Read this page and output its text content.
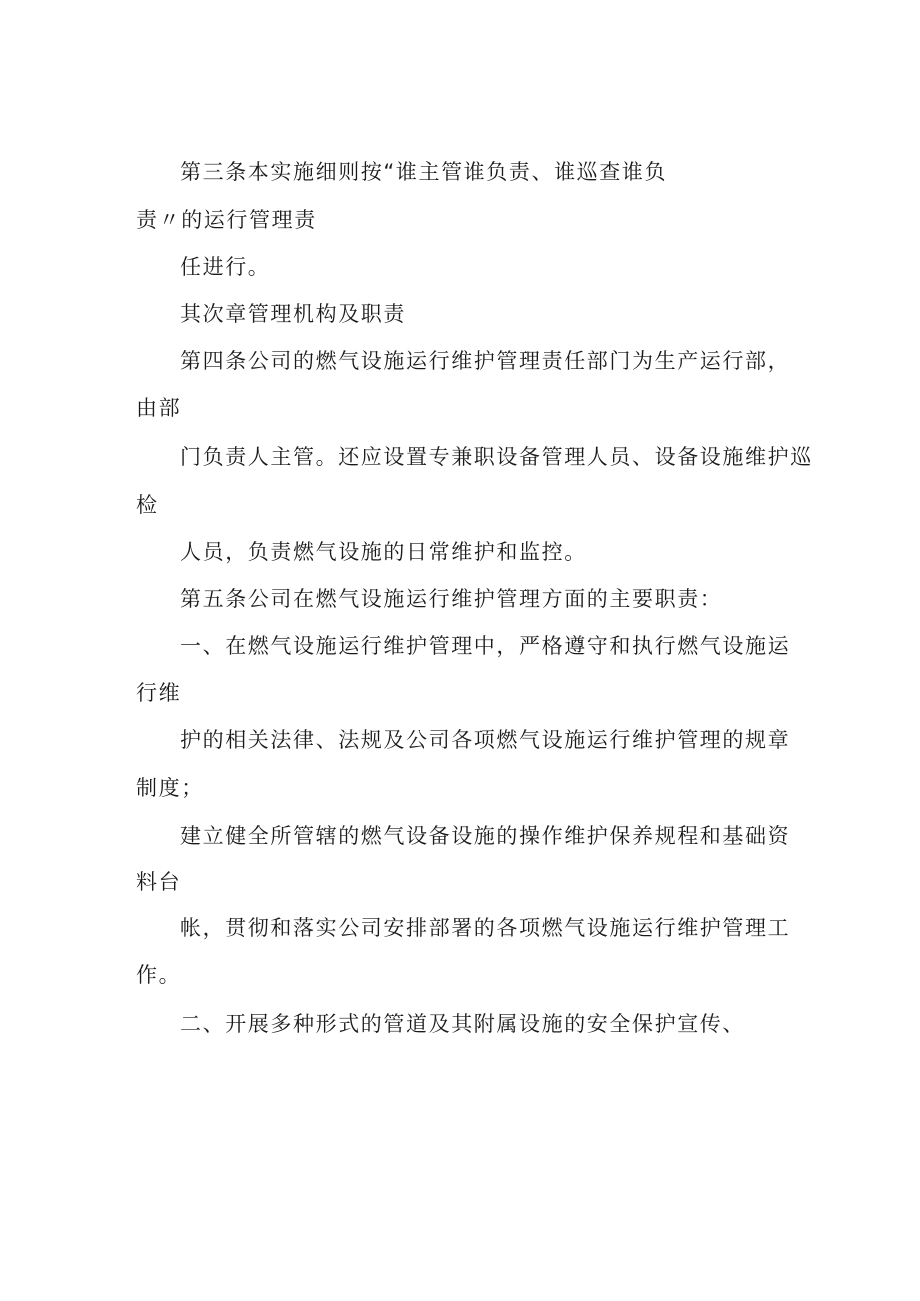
第三条本实施细则按“谁主管谁负责、谁巡查谁负

责〃的运行管理责

任进行。

其次章管理机构及职责

第四条公司的燃气设施运行维护管理责任部门为生产运行部，

由部

门负责人主管。还应设置专兼职设备管理人员、设备设施维护巡

检

人员，负责燃气设施的日常维护和监控。

第五条公司在燃气设施运行维护管理方面的主要职责：

一、在燃气设施运行维护管理中，严格遵守和执行燃气设施运

行维

护的相关法律、法规及公司各项燃气设施运行维护管理的规章

制度；

建立健全所管辖的燃气设备设施的操作维护保养规程和基础资

料台

帐，贯彻和落实公司安排部署的各项燃气设施运行维护管理工

作。

二、开展多种形式的管道及其附属设施的安全保护宣传、
